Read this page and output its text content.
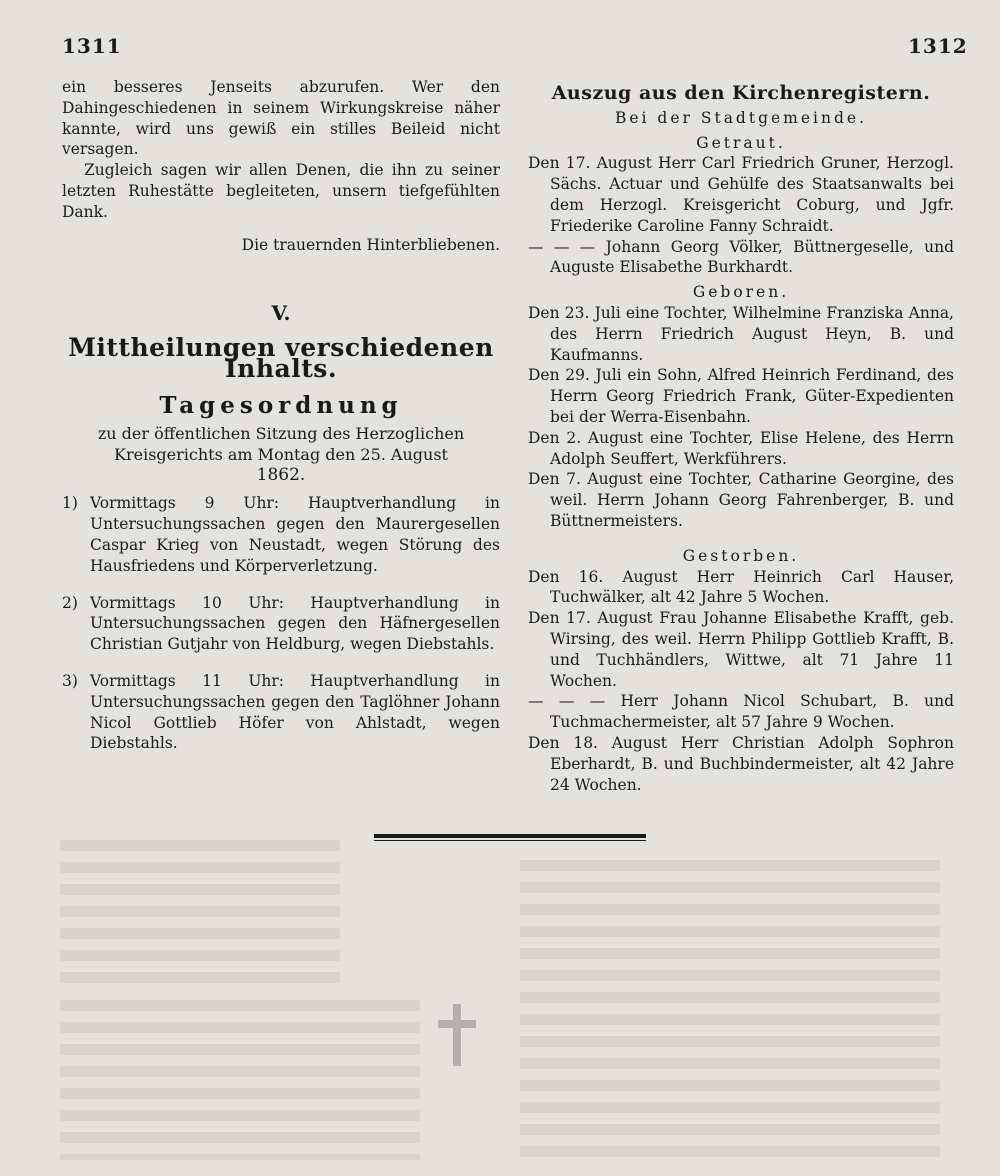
1311	1312

ein besseres Jenseits abzurufen. Wer den Dahingeschiedenen in seinem Wirkungskreise näher kannte, wird uns gewiß ein stilles Beileid nicht versagen.

Zugleich sagen wir allen Denen, die ihn zu seiner letzten Ruhestätte begleiteten, unsern tiefgefühlten Dank.

Die trauernden Hinterbliebenen.

V.

Mittheilungen verschiedenen Inhalts.

Tagesordnung

zu der öffentlichen Sitzung des Herzoglichen Kreisgerichts am Montag den 25. August

1862.

1) Vormittags 9 Uhr: Hauptverhandlung in Untersuchungssachen gegen den Maurergesellen Caspar Krieg von Neustadt, wegen Störung des Hausfriedens und Körperverletzung.
2) Vormittags 10 Uhr: Hauptverhandlung in Untersuchungssachen gegen den Häfnergesellen Christian Gutjahr von Heldburg, wegen Diebstahls.
3) Vormittags 11 Uhr: Hauptverhandlung in Untersuchungssachen gegen den Taglöhner Johann Nicol Gottlieb Höfer von Ahlstadt, wegen Diebstahls.

Auszug aus den Kirchenregistern.

Bei der Stadtgemeinde.

Getraut.

Den 17. August Herr Carl Friedrich Gruner, Herzogl. Sächs. Actuar und Gehülfe des Staatsanwalts bei dem Herzogl. Kreisgericht Coburg, und Jgfr. Friederike Caroline Fanny Schraidt.

— — — Johann Georg Völker, Büttnergeselle, und Auguste Elisabethe Burkhardt.

Geboren.

Den 23. Juli eine Tochter, Wilhelmine Franziska Anna, des Herrn Friedrich August Heyn, B. und Kaufmanns.

Den 29. Juli ein Sohn, Alfred Heinrich Ferdinand, des Herrn Georg Friedrich Frank, Güter-Expedienten bei der Werra-Eisenbahn.

Den 2. August eine Tochter, Elise Helene, des Herrn Adolph Seuffert, Werkführers.

Den 7. August eine Tochter, Catharine Georgine, des weil. Herrn Johann Georg Fahrenberger, B. und Büttnermeisters.

Gestorben.

Den 16. August Herr Heinrich Carl Hauser, Tuchwälker, alt 42 Jahre 5 Wochen.

Den 17. August Frau Johanne Elisabethe Krafft, geb. Wirsing, des weil. Herrn Philipp Gottlieb Krafft, B. und Tuchhändlers, Wittwe, alt 71 Jahre 11 Wochen.

— — — Herr Johann Nicol Schubart, B. und Tuchmachermeister, alt 57 Jahre 9 Wochen.

Den 18. August Herr Christian Adolph Sophron Eberhardt, B. und Buchbindermeister, alt 42 Jahre 24 Wochen.
